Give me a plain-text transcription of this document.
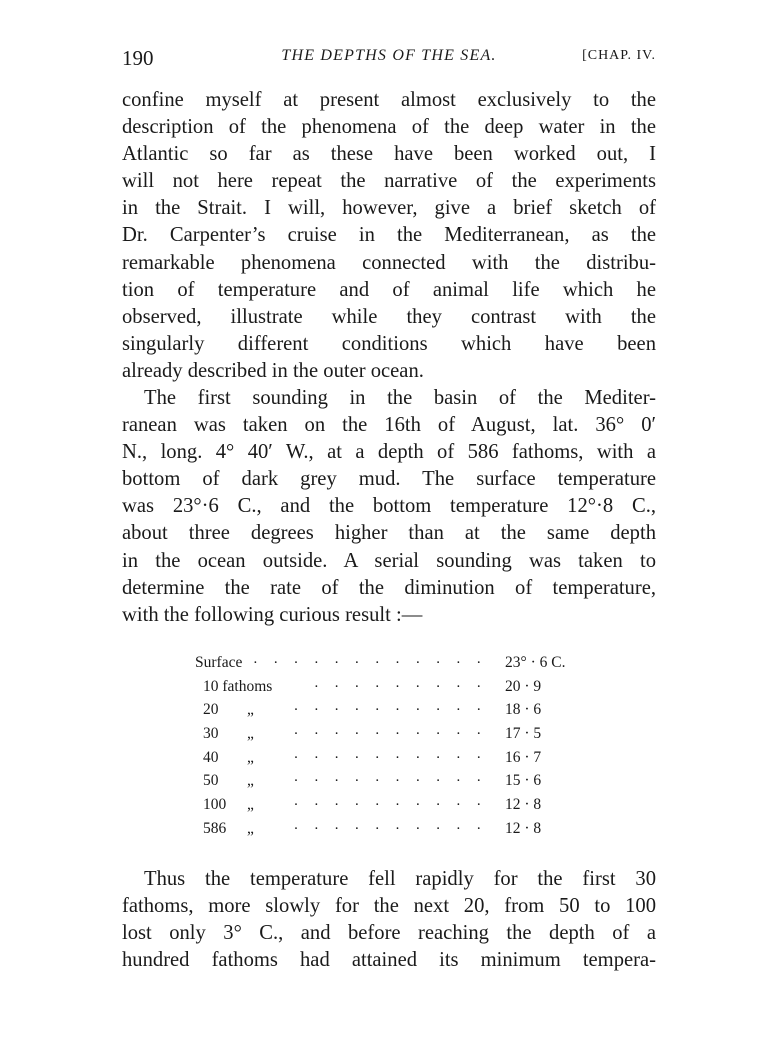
190	THE DEPTHS OF THE SEA.	[CHAP. IV.
confine myself at present almost exclusively to the
description of the phenomena of the deep water in the
Atlantic so far as these have been worked out, I
will not here repeat the narrative of the experiments
in the Strait. I will, however, give a brief sketch of
Dr. Carpenter’s cruise in the Mediterranean, as the
remarkable phenomena connected with the distribu-
tion of temperature and of animal life which he
observed, illustrate while they contrast with the
singularly different conditions which have been
already described in the outer ocean.
The first sounding in the basin of the Mediter-
ranean was taken on the 16th of August, lat. 36° 0′
N., long. 4° 40′ W., at a depth of 586 fathoms, with a
bottom of dark grey mud. The surface temperature
was 23°·6 C., and the bottom temperature 12°·8 C.,
about three degrees higher than at the same depth
in the ocean outside. A serial sounding was taken to
determine the rate of the diminution of temperature,
with the following curious result :—
Surface . . . . . . . . . . . . 23° · 6 C.
10 fathoms	. . . . . . . . . 20 · 9
20	„	. . . . . . . . . . 18 · 6
30	„	. . . . . . . . . . 17 · 5
40	„	. . . . . . . . . . 16 · 7
50	„	. . . . . . . . . . 15 · 6
100	„	. . . . . . . . . . 12 · 8
586	„	. . . . . . . . . . 12 · 8
Thus the temperature fell rapidly for the first 30
fathoms, more slowly for the next 20, from 50 to 100
lost only 3° C., and before reaching the depth of a
hundred fathoms had attained its minimum tempera-
